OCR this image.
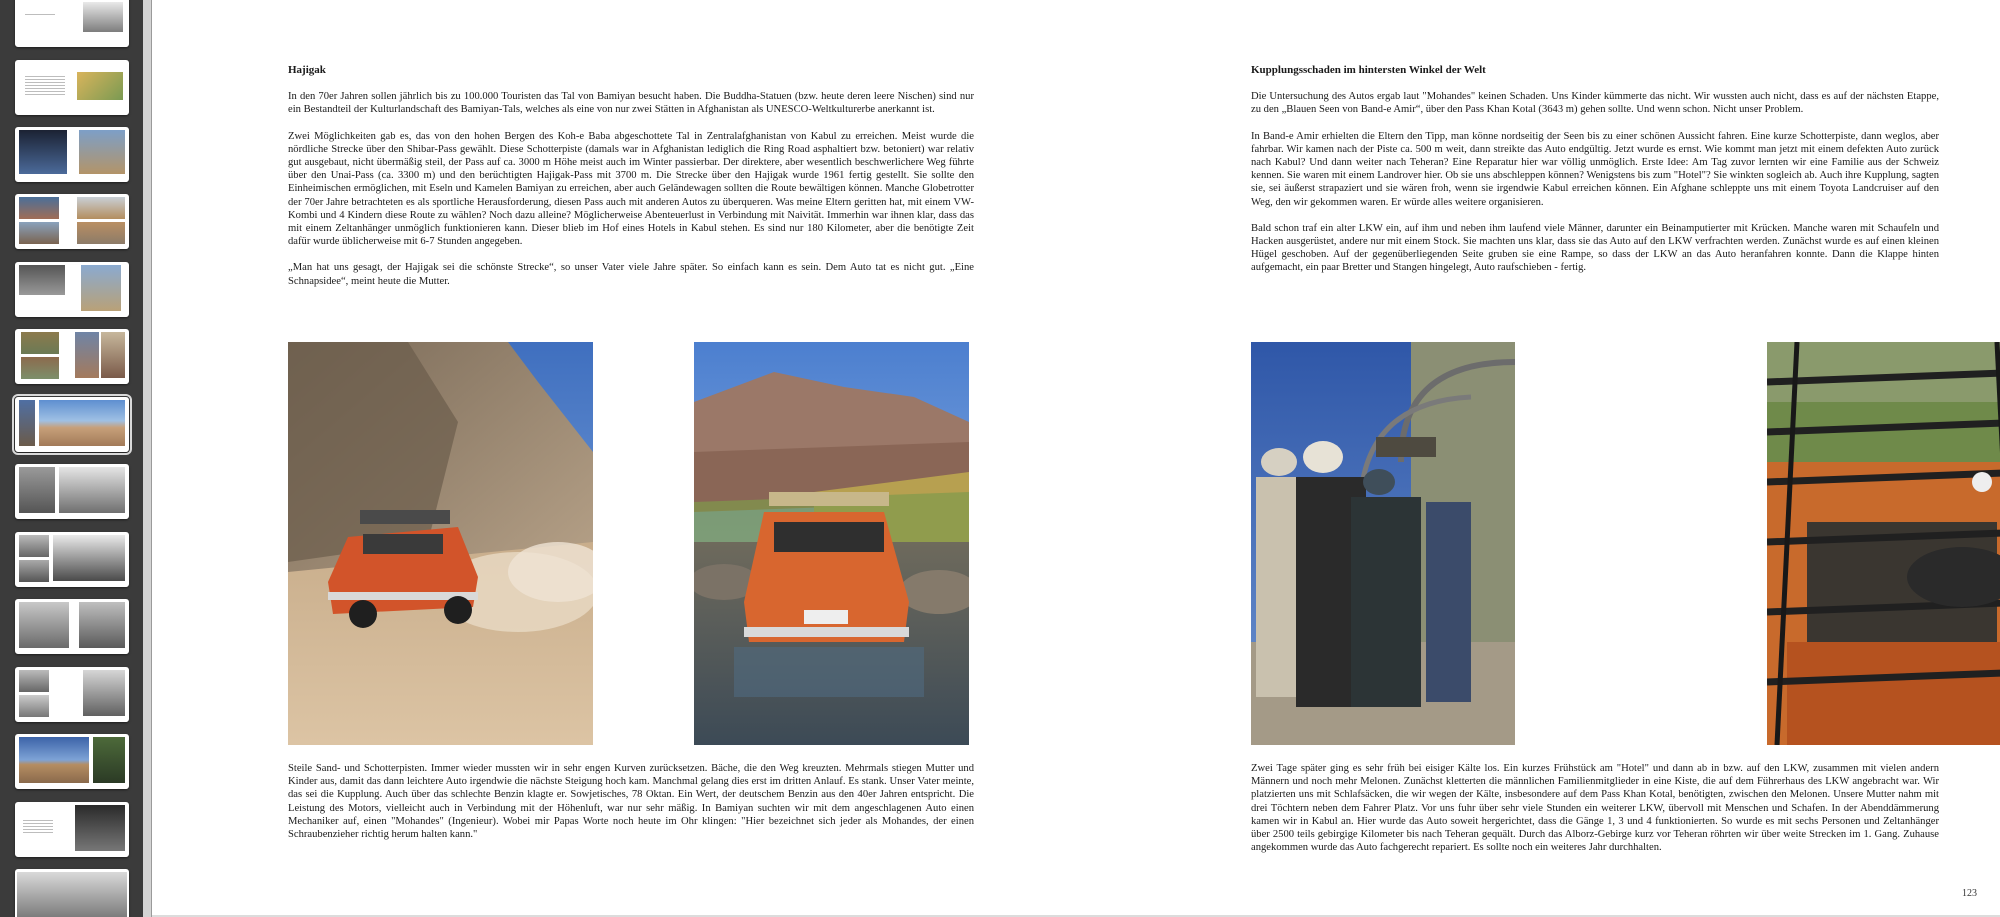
Hajigak

In den 70er Jahren sollen jährlich bis zu 100.000 Touristen das Tal von Bamiyan besucht haben. Die Buddha-Statuen (bzw. heute deren leere Nischen) sind nur ein Bestandteil der Kulturlandschaft des Bamiyan-Tals, welches als eine von nur zwei Stätten in Afghanistan als UNESCO-Weltkulturerbe anerkannt ist.

Zwei Möglichkeiten gab es, das von den hohen Bergen des Koh-e Baba abgeschottete Tal in Zentralafghanistan von Kabul zu erreichen. Meist wurde die nördliche Strecke über den Shibar-Pass gewählt. Diese Schotterpiste (damals war in Afghanistan lediglich die Ring Road asphaltiert bzw. betoniert) war relativ gut ausgebaut, nicht übermäßig steil, der Pass auf ca. 3000 m Höhe meist auch im Winter passierbar. Der direktere, aber wesentlich beschwerlichere Weg führte über den Unai-Pass (ca. 3300 m) und den berüchtigten Hajigak-Pass mit 3700 m. Die Strecke über den Hajigak wurde 1961 fertig gestellt. Sie sollte den Einheimischen ermöglichen, mit Eseln und Kamelen Bamiyan zu erreichen, aber auch Geländewagen sollten die Route bewältigen können. Manche Globetrotter der 70er Jahre betrachteten es als sportliche Herausforderung, diesen Pass auch mit anderen Autos zu überqueren. Was meine Eltern geritten hat, mit einem VW-Kombi und 4 Kindern diese Route zu wählen? Noch dazu alleine? Möglicherweise Abenteuerlust in Verbindung mit Naivität. Immerhin war ihnen klar, dass das mit einem Zeltanhänger unmöglich funktionieren kann. Dieser blieb im Hof eines Hotels in Kabul stehen. Es sind nur 180 Kilometer, aber die benötigte Zeit dafür wurde üblicherweise mit 6-7 Stunden angegeben.

„Man hat uns gesagt, der Hajigak sei die schönste Strecke“, so unser Vater viele Jahre später. So einfach kann es sein. Dem Auto tat es nicht gut. „Eine Schnapsidee“, meint heute die Mutter.

Steile Sand- und Schotterpisten. Immer wieder mussten wir in sehr engen Kurven zurücksetzen. Bäche, die den Weg kreuzten. Mehrmals stiegen Mutter und Kinder aus, damit das dann leichtere Auto irgendwie die nächste Steigung hoch kam. Manchmal gelang dies erst im dritten Anlauf. Es stank. Unser Vater meinte, das sei die Kupplung. Auch über das schlechte Benzin klagte er. Sowjetisches, 78 Oktan. Ein Wert, der deutschem Benzin aus den 40er Jahren entspricht. Die Leistung des Motors, vielleicht auch in Verbindung mit der Höhenluft, war nur sehr mäßig. In Bamiyan suchten wir mit dem angeschlagenen Auto einen Mechaniker auf, einen "Mohandes" (Ingenieur). Wobei mir Papas Worte noch heute im Ohr klingen: "Hier bezeichnet sich jeder als Mohandes, der einen Schraubenzieher richtig herum halten kann."
Kupplungsschaden im hintersten Winkel der Welt

Die Untersuchung des Autos ergab laut "Mohandes" keinen Schaden. Uns Kinder kümmerte das nicht. Wir wussten auch nicht, dass es auf der nächsten Etappe, zu den „Blauen Seen von Band-e Amir“, über den Pass Khan Kotal (3643 m) gehen sollte. Und wenn schon. Nicht unser Problem.

In Band-e Amir erhielten die Eltern den Tipp, man könne nordseitig der Seen bis zu einer schönen Aussicht fahren. Eine kurze Schotterpiste, dann weglos, aber fahrbar. Wir kamen nach der Piste ca. 500 m weit, dann streikte das Auto endgültig. Jetzt wurde es ernst. Wie kommt man jetzt mit einem defekten Auto zurück nach Kabul? Und dann weiter nach Teheran? Eine Reparatur hier war völlig unmöglich. Erste Idee: Am Tag zuvor lernten wir eine Familie aus der Schweiz kennen. Sie waren mit einem Landrover hier. Ob sie uns abschleppen können? Wenigstens bis zum "Hotel"? Sie winkten sogleich ab. Auch ihre Kupplung, sagten sie, sei äußerst strapaziert und sie wären froh, wenn sie irgendwie Kabul erreichen können. Ein Afghane schleppte uns mit einem Toyota Landcruiser auf den Weg, den wir gekommen waren. Er würde alles weitere organisieren.

Bald schon traf ein alter LKW ein, auf ihm und neben ihm laufend viele Männer, darunter ein Beinamputierter mit Krücken. Manche waren mit Schaufeln und Hacken ausgerüstet, andere nur mit einem Stock. Sie machten uns klar, dass sie das Auto auf den LKW verfrachten werden. Zunächst wurde es auf einen kleinen Hügel geschoben. Auf der gegenüberliegenden Seite gruben sie eine Rampe, so dass der LKW an das Auto heranfahren konnte. Dann die Klappe hinten aufgemacht, ein paar Bretter und Stangen hingelegt, Auto raufschieben - fertig.

Zwei Tage später ging es sehr früh bei eisiger Kälte los. Ein kurzes Frühstück am "Hotel" und dann ab in bzw. auf den LKW, zusammen mit vielen andern Männern und noch mehr Melonen. Zunächst kletterten die männlichen Familienmitglieder in eine Kiste, die auf dem Führerhaus des LKW angebracht war. Wir platzierten uns mit Schlafsäcken, die wir wegen der Kälte, insbesondere auf dem Pass Khan Kotal, benötigten, zwischen den Melonen. Unsere Mutter nahm mit drei Töchtern neben dem Fahrer Platz. Vor uns fuhr über sehr viele Stunden ein weiterer LKW, übervoll mit Menschen und Schafen. In der Abenddämmerung kamen wir in Kabul an. Hier wurde das Auto soweit hergerichtet, dass die Gänge 1, 3 und 4 funktionierten. So wurde es mit sechs Personen und Zeltanhänger über 2500 teils gebirgige Kilometer bis nach Teheran gequält. Durch das Alborz-Gebirge kurz vor Teheran röhrten wir über weite Strecken im 1. Gang. Zuhause angekommen wurde das Auto fachgerecht repariert. Es sollte noch ein weiteres Jahr durchhalten.
123
